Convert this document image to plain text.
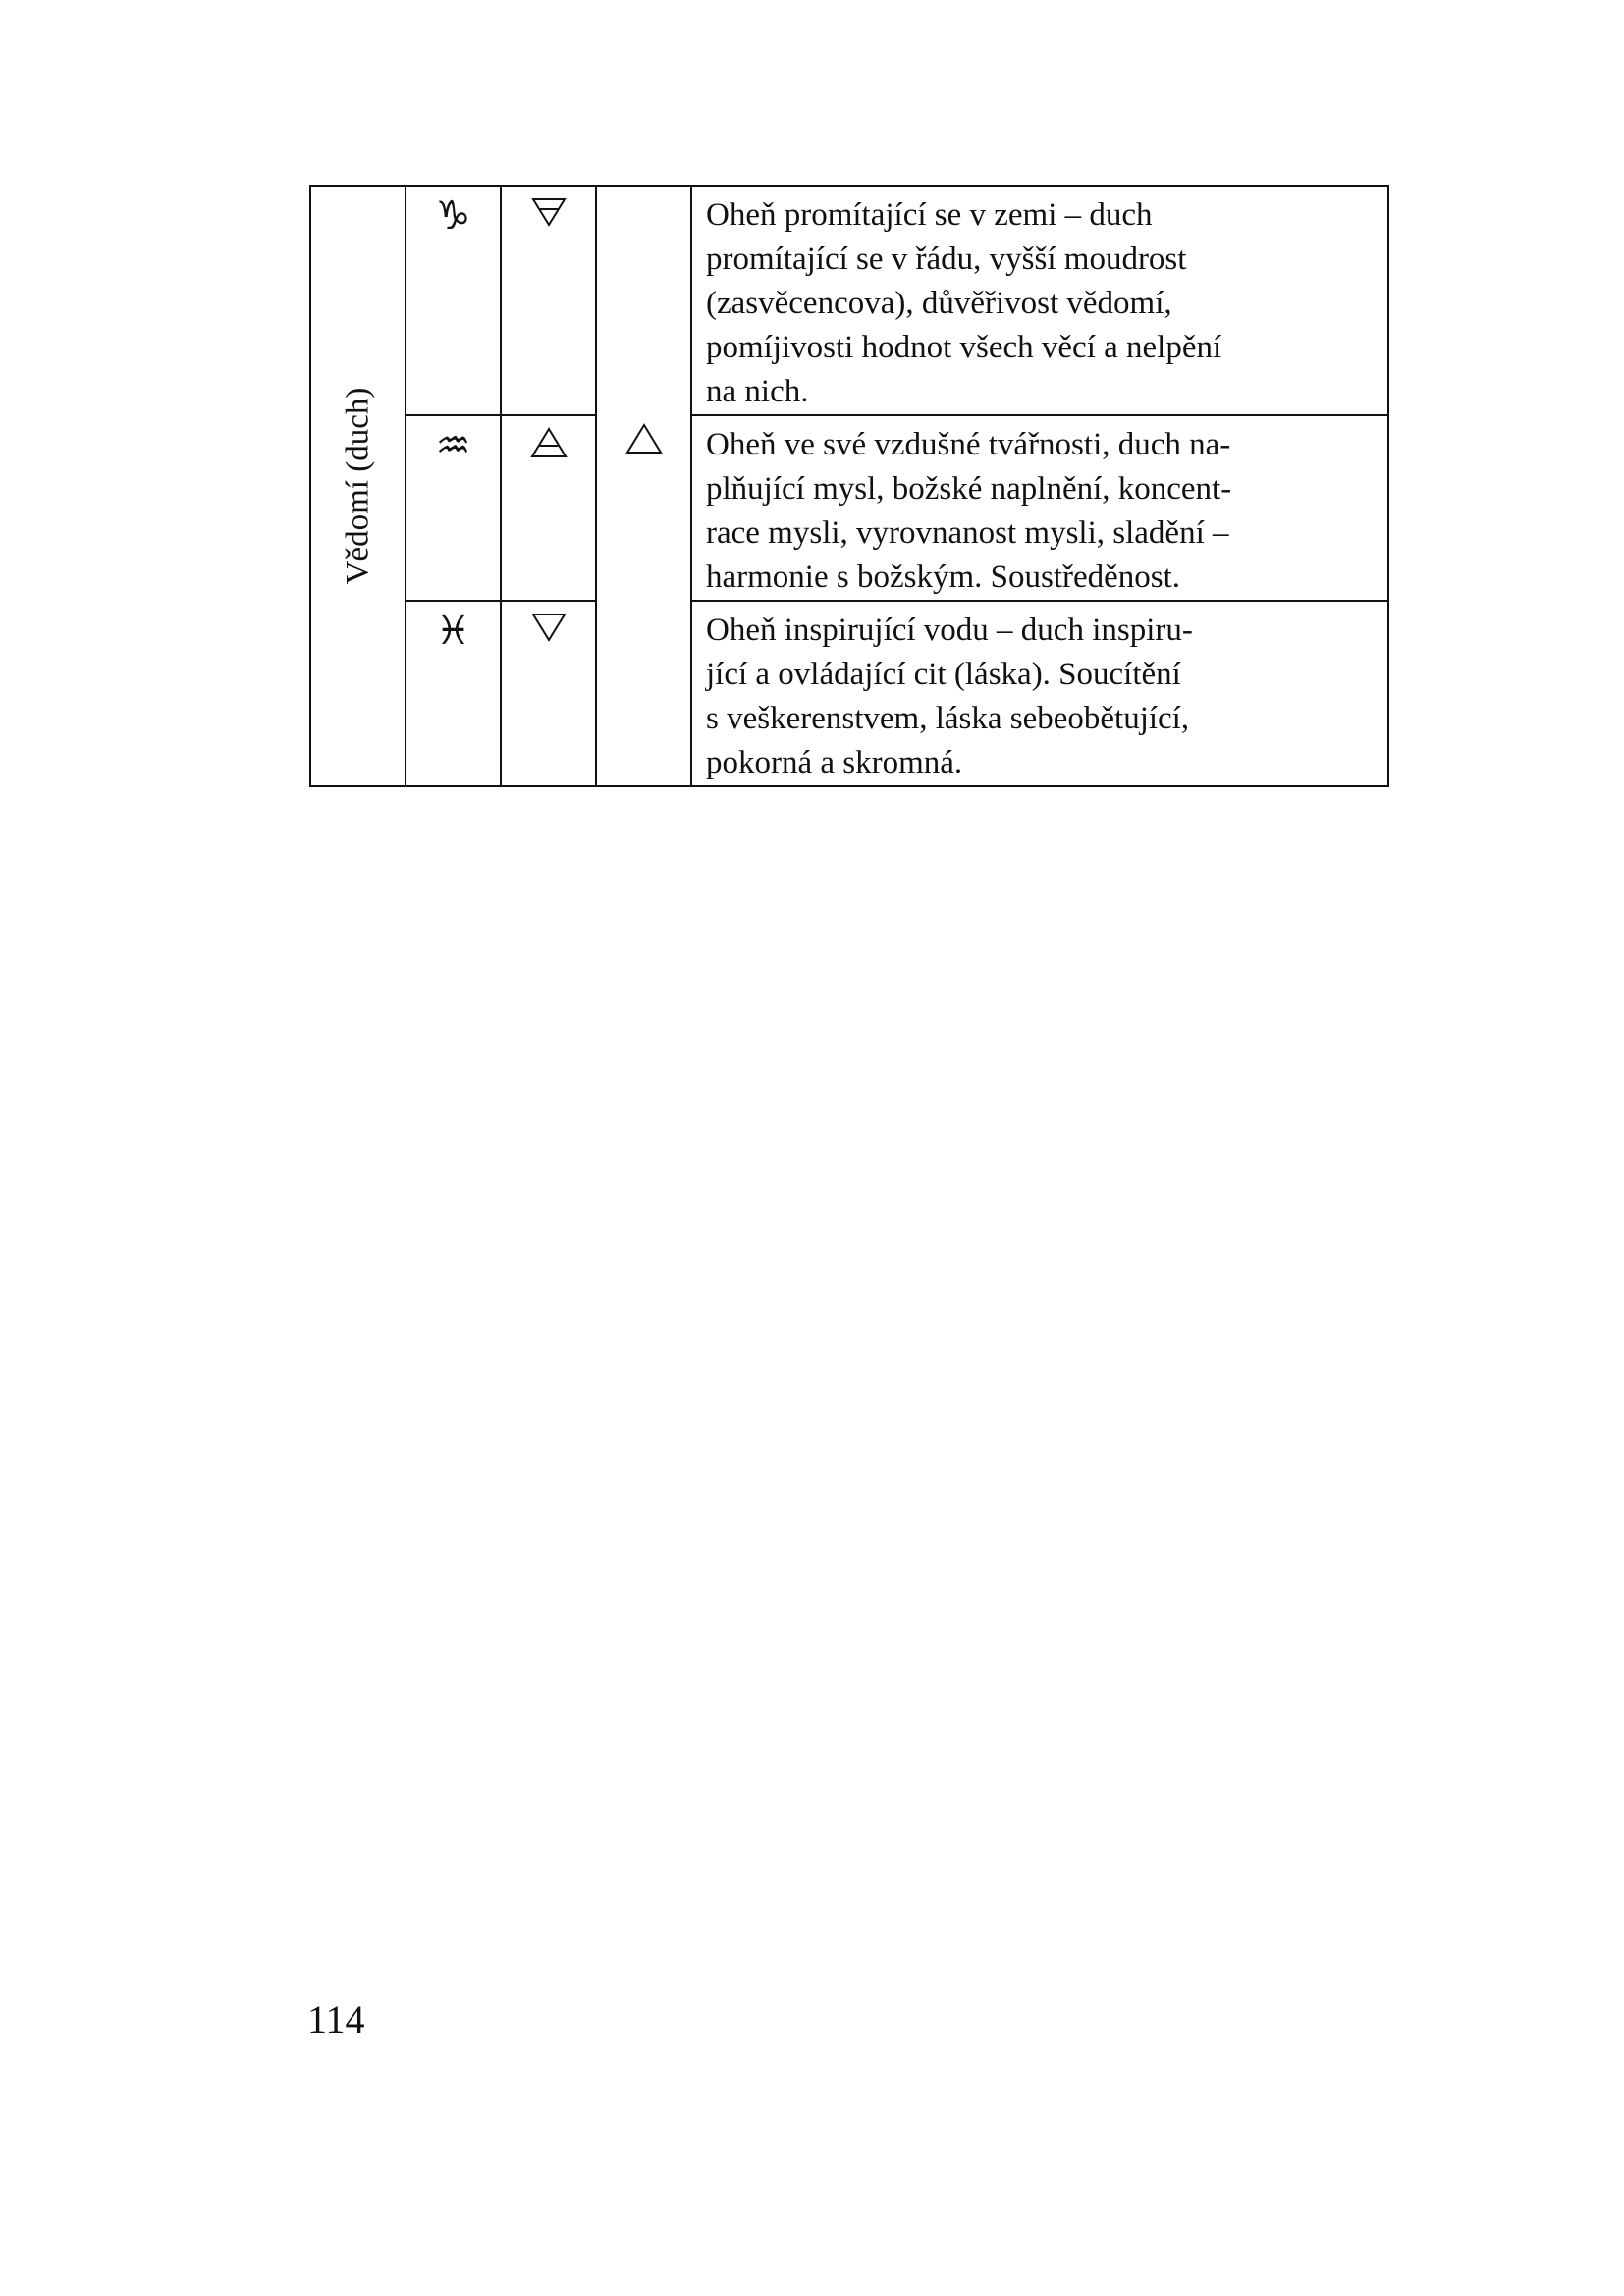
Vědomí (duch)	♑			Oheň promítající se v zemi – duch
promítající se v řádu, vyšší moudrost
(zasvěcencova), důvěřivost vědomí,
pomíjivosti hodnot všech věcí a nelpění
na nich.

	♒			Oheň ve své vzdušné tvářnosti, duch na-
plňující mysl, božské naplnění, koncent-
race mysli, vyrovnanost mysli, sladění –
harmonie s božským. Soustředěnost.

	♓			Oheň inspirující vodu – duch inspiru-
jící a ovládající cit (láska). Soucítění
s veškerenstvem, láska sebeobětující,
pokorná a skromná.
114
